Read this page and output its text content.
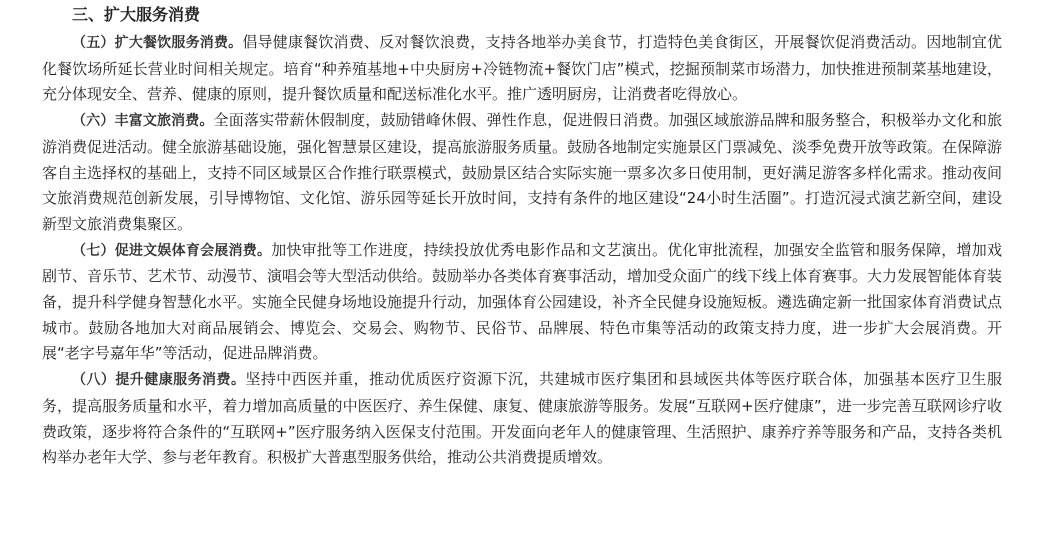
三、扩大服务消费

（五）扩大餐饮服务消费。倡导健康餐饮消费、反对餐饮浪费，支持各地举办美食节，打造特色美食街区，开展餐饮促消费活动。因地制宜优化餐饮场所延长营业时间相关规定。培育“种养殖基地+中央厨房+冷链物流+餐饮门店”模式，挖掘预制菜市场潜力，加快推进预制菜基地建设，充分体现安全、营养、健康的原则，提升餐饮质量和配送标准化水平。推广透明厨房，让消费者吃得放心。

（六）丰富文旅消费。全面落实带薪休假制度，鼓励错峰休假、弹性作息，促进假日消费。加强区域旅游品牌和服务整合，积极举办文化和旅游消费促进活动。健全旅游基础设施，强化智慧景区建设，提高旅游服务质量。鼓励各地制定实施景区门票减免、淡季免费开放等政策。在保障游客自主选择权的基础上，支持不同区域景区合作推行联票模式，鼓励景区结合实际实施一票多次多日使用制，更好满足游客多样化需求。推动夜间文旅消费规范创新发展，引导博物馆、文化馆、游乐园等延长开放时间，支持有条件的地区建设“24小时生活圈”。打造沉浸式演艺新空间，建设新型文旅消费集聚区。

（七）促进文娱体育会展消费。加快审批等工作进度，持续投放优秀电影作品和文艺演出。优化审批流程，加强安全监管和服务保障，增加戏剧节、音乐节、艺术节、动漫节、演唱会等大型活动供给。鼓励举办各类体育赛事活动，增加受众面广的线下线上体育赛事。大力发展智能体育装备，提升科学健身智慧化水平。实施全民健身场地设施提升行动，加强体育公园建设，补齐全民健身设施短板。遴选确定新一批国家体育消费试点城市。鼓励各地加大对商品展销会、博览会、交易会、购物节、民俗节、品牌展、特色市集等活动的政策支持力度，进一步扩大会展消费。开展“老字号嘉年华”等活动，促进品牌消费。

（八）提升健康服务消费。坚持中西医并重，推动优质医疗资源下沉，共建城市医疗集团和县域医共体等医疗联合体，加强基本医疗卫生服务，提高服务质量和水平，着力增加高质量的中医医疗、养生保健、康复、健康旅游等服务。发展“互联网+医疗健康”，进一步完善互联网诊疗收费政策，逐步将符合条件的“互联网+”医疗服务纳入医保支付范围。开发面向老年人的健康管理、生活照护、康养疗养等服务和产品，支持各类机构举办老年大学、参与老年教育。积极扩大普惠型服务供给，推动公共消费提质增效。
